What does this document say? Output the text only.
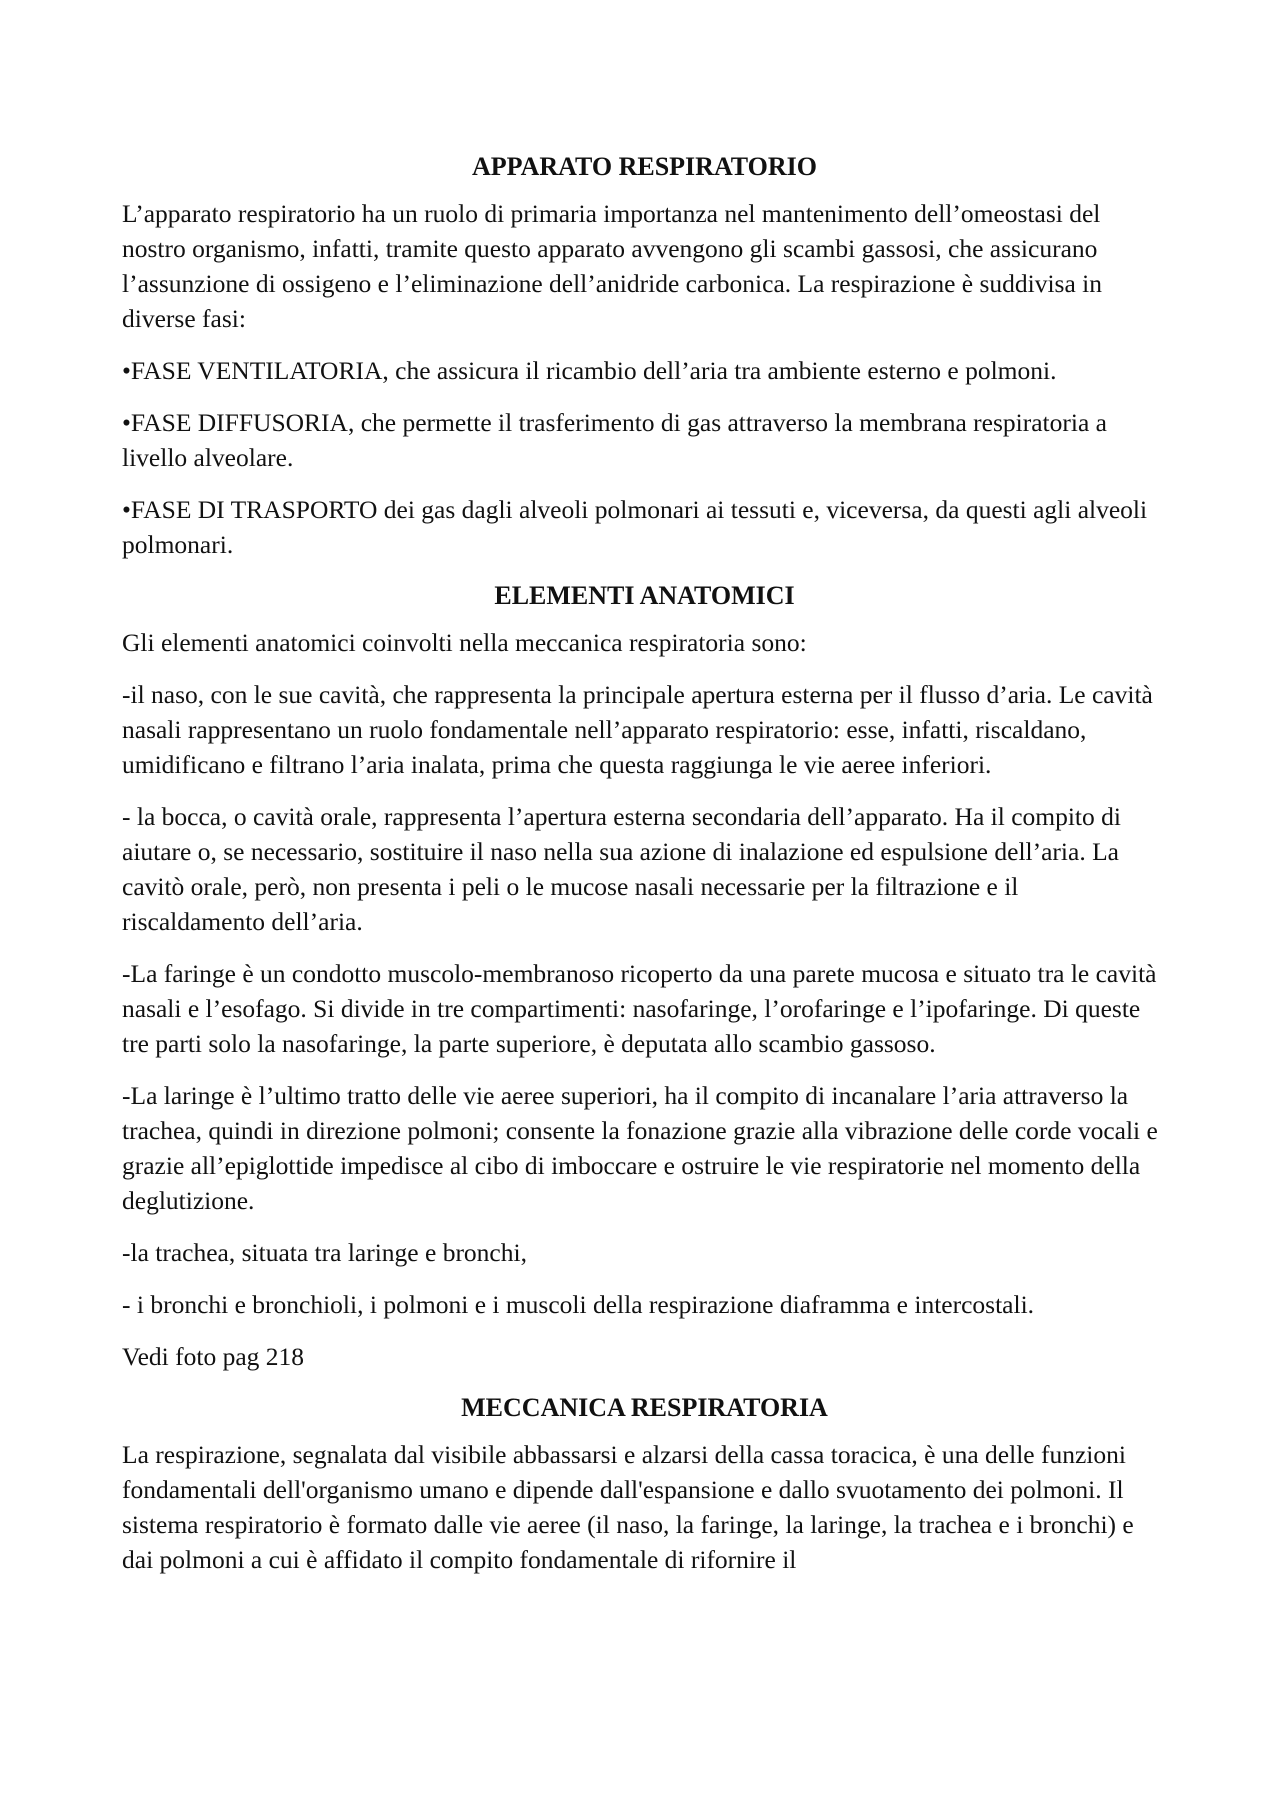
APPARATO RESPIRATORIO

L’apparato respiratorio ha un ruolo di primaria importanza nel mantenimento dell’omeostasi del nostro organismo, infatti, tramite questo apparato avvengono gli scambi gassosi, che assicurano l’assunzione di ossigeno e l’eliminazione dell’anidride carbonica. La respirazione è suddivisa in diverse fasi:

•FASE VENTILATORIA, che assicura il ricambio dell’aria tra ambiente esterno e polmoni.

•FASE DIFFUSORIA, che permette il trasferimento di gas attraverso la membrana respiratoria a livello alveolare.

•FASE DI TRASPORTO dei gas dagli alveoli polmonari ai tessuti e, viceversa, da questi agli alveoli polmonari.

ELEMENTI ANATOMICI

Gli elementi anatomici coinvolti nella meccanica respiratoria sono:

-il naso, con le sue cavità, che rappresenta la principale apertura esterna per il flusso d’aria. Le cavità nasali rappresentano un ruolo fondamentale nell’apparato respiratorio: esse, infatti, riscaldano, umidificano e filtrano l’aria inalata, prima che questa raggiunga le vie aeree inferiori.

- la bocca, o cavità orale, rappresenta l’apertura esterna secondaria dell’apparato. Ha il compito di aiutare o, se necessario, sostituire il naso nella sua azione di inalazione ed espulsione dell’aria. La cavitò orale, però, non presenta i peli o le mucose nasali necessarie per la filtrazione e il riscaldamento dell’aria.

-La faringe è un condotto muscolo-membranoso ricoperto da una parete mucosa e situato tra le cavità nasali e l’esofago. Si divide in tre compartimenti: nasofaringe, l’orofaringe e l’ipofaringe. Di queste tre parti solo la nasofaringe, la parte superiore, è deputata allo scambio gassoso.

-La laringe è l’ultimo tratto delle vie aeree superiori, ha il compito di incanalare l’aria attraverso la trachea, quindi in direzione polmoni; consente la fonazione grazie alla vibrazione delle corde vocali e grazie all’epiglottide impedisce al cibo di imboccare e ostruire le vie respiratorie nel momento della deglutizione.

-la trachea, situata tra laringe e bronchi,

- i bronchi e bronchioli, i polmoni e i muscoli della respirazione diaframma e intercostali.

Vedi foto pag 218

MECCANICA RESPIRATORIA

La respirazione, segnalata dal visibile abbassarsi e alzarsi della cassa toracica, è una delle funzioni fondamentali dell'organismo umano e dipende dall'espansione e dallo svuotamento dei polmoni. Il sistema respiratorio è formato dalle vie aeree (il naso, la faringe, la laringe, la trachea e i bronchi) e dai polmoni a cui è affidato il compito fondamentale di rifornire il
